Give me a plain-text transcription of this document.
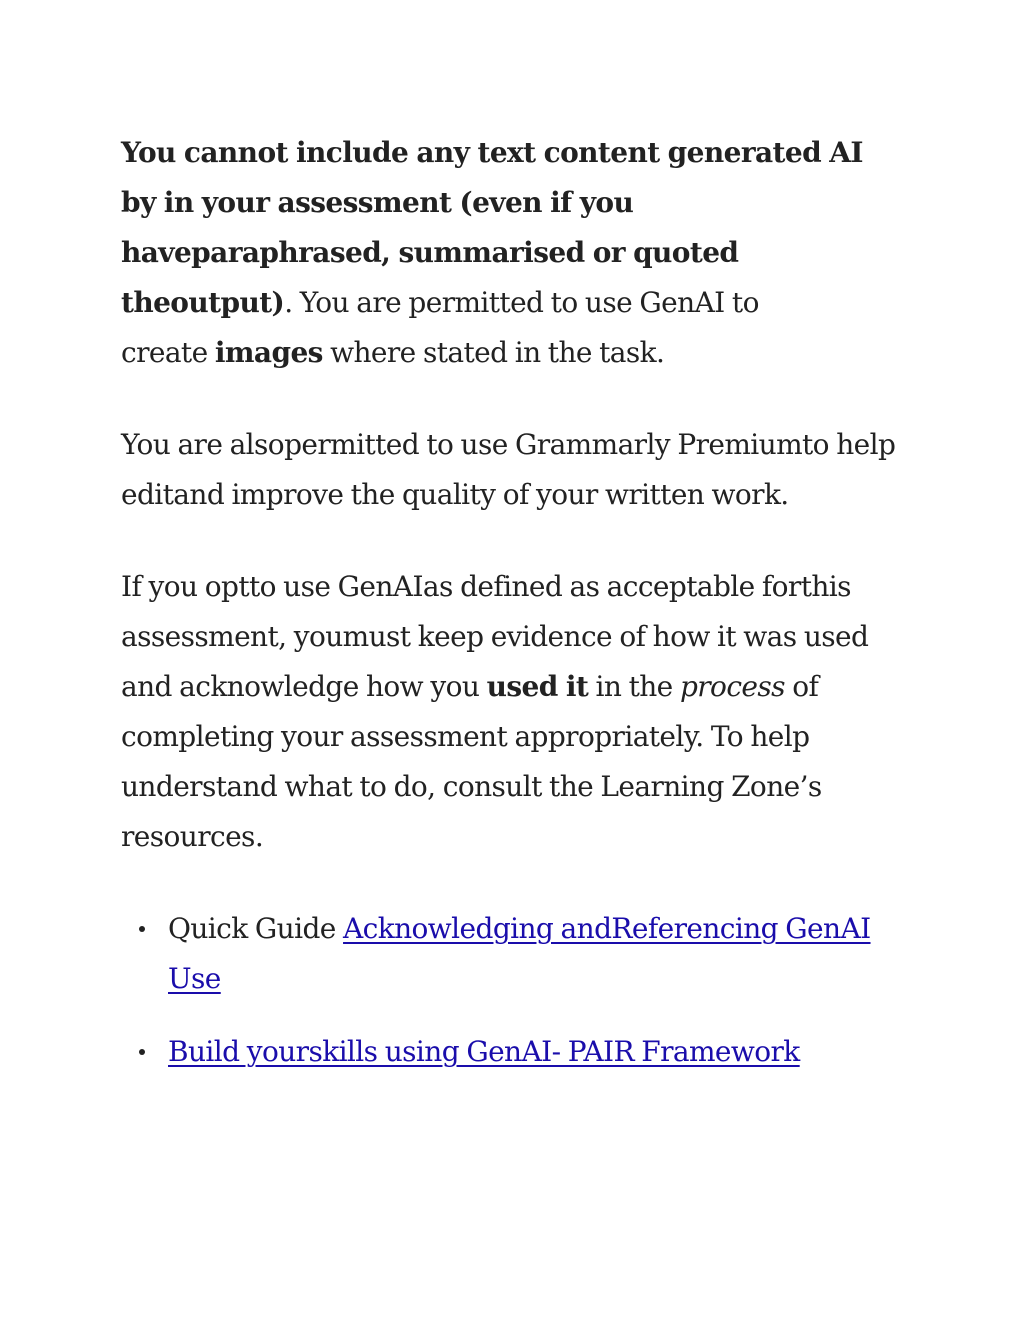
You cannot include any text content generated AI
by in your assessment (even if you
haveparaphrased, summarised or quoted
theoutput). You are permitted to use GenAI to
create images where stated in the task.

You are alsopermitted to use Grammarly Premiumto help
editand improve the quality of your written work.

If you optto use GenAIas defined as acceptable forthis
assessment, youmust keep evidence of how it was used
and acknowledge how you used it in the process of
completing your assessment appropriately. To help
understand what to do, consult the Learning Zone’s
resources.

Quick Guide Acknowledging andReferencing GenAI
Use
Build yourskills using GenAI- PAIR Framework
